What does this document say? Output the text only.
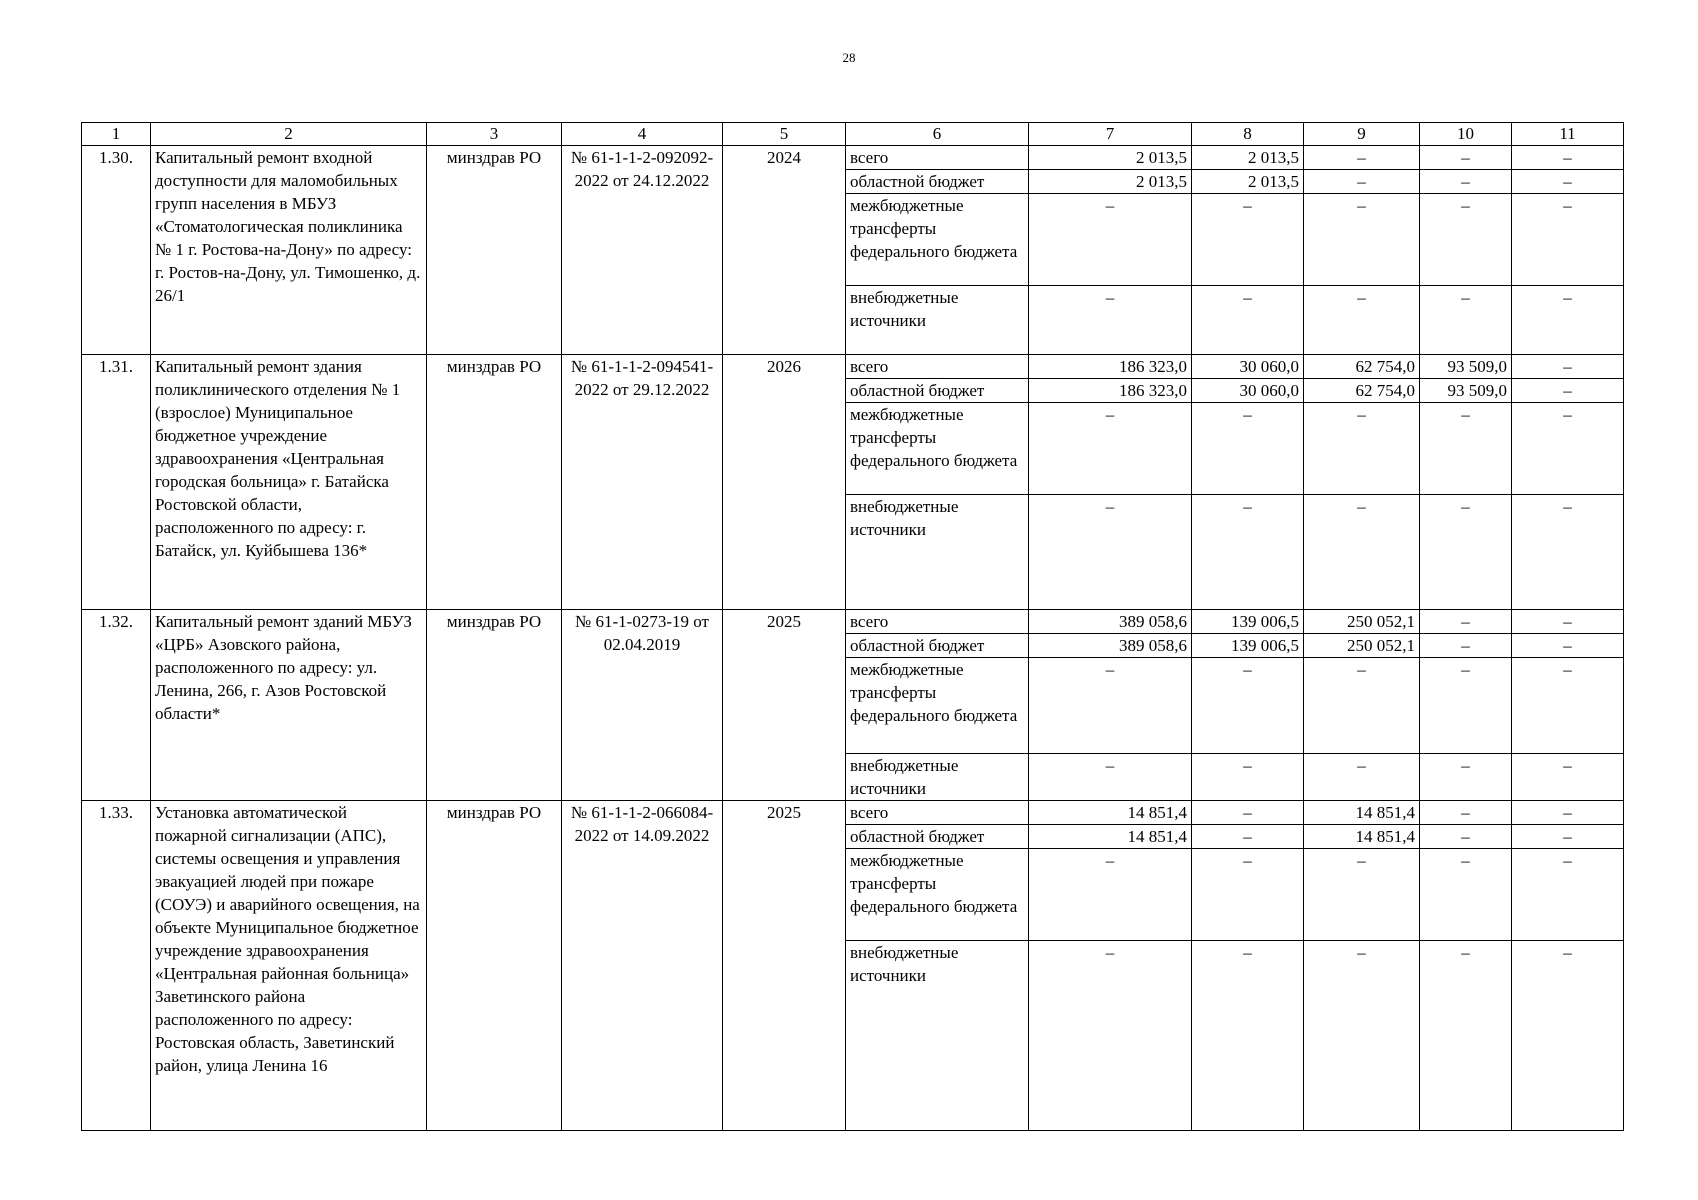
28
1	2	3	4	5	6	7	8	9	10	11
1.30.	Капитальный ремонт входной доступности для маломобильных групп населения в МБУЗ «Стоматологическая поликлиника № 1 г. Ростова-на-Дону» по адресу: г. Ростов-на-Дону, ул. Тимошенко, д. 26/1	минздрав РО	№ 61-1-1-2-092092-2022 от 24.12.2022	2024	всего	2 013,5	2 013,5	–	–	–
					областной бюджет	2 013,5	2 013,5	–	–	–
					межбюджетные трансферты федерального бюджета	–	–	–	–	–
					внебюджетные источники	–	–	–	–	–
1.31.	Капитальный ремонт здания поликлинического отделения № 1 (взрослое) Муниципальное бюджетное учреждение здравоохранения «Центральная городская больница» г. Батайска Ростовской области, расположенного по адресу: г. Батайск, ул. Куйбышева 136*	минздрав РО	№ 61-1-1-2-094541-2022 от 29.12.2022	2026	всего	186 323,0	30 060,0	62 754,0	93 509,0	–
					областной бюджет	186 323,0	30 060,0	62 754,0	93 509,0	–
					межбюджетные трансферты федерального бюджета	–	–	–	–	–
					внебюджетные источники	–	–	–	–	–
1.32.	Капитальный ремонт зданий МБУЗ «ЦРБ» Азовского района, расположенного по адресу: ул. Ленина, 266, г. Азов Ростовской области*	минздрав РО	№ 61-1-0273-19 от 02.04.2019	2025	всего	389 058,6	139 006,5	250 052,1	–	–
					областной бюджет	389 058,6	139 006,5	250 052,1	–	–
					межбюджетные трансферты федерального бюджета	–	–	–	–	–
					внебюджетные источники	–	–	–	–	–
1.33.	Установка автоматической пожарной сигнализации (АПС), системы освещения и управления эвакуацией людей при пожаре (СОУЭ) и аварийного освещения, на объекте Муниципальное бюджетное учреждение здравоохранения «Центральная районная больница» Заветинского района расположенного по адресу: Ростовская область, Заветинский район, улица Ленина 16	минздрав РО	№ 61-1-1-2-066084-2022 от 14.09.2022	2025	всего	14 851,4	–	14 851,4	–	–
					областной бюджет	14 851,4	–	14 851,4	–	–
					межбюджетные трансферты федерального бюджета	–	–	–	–	–
					внебюджетные источники	–	–	–	–	–
